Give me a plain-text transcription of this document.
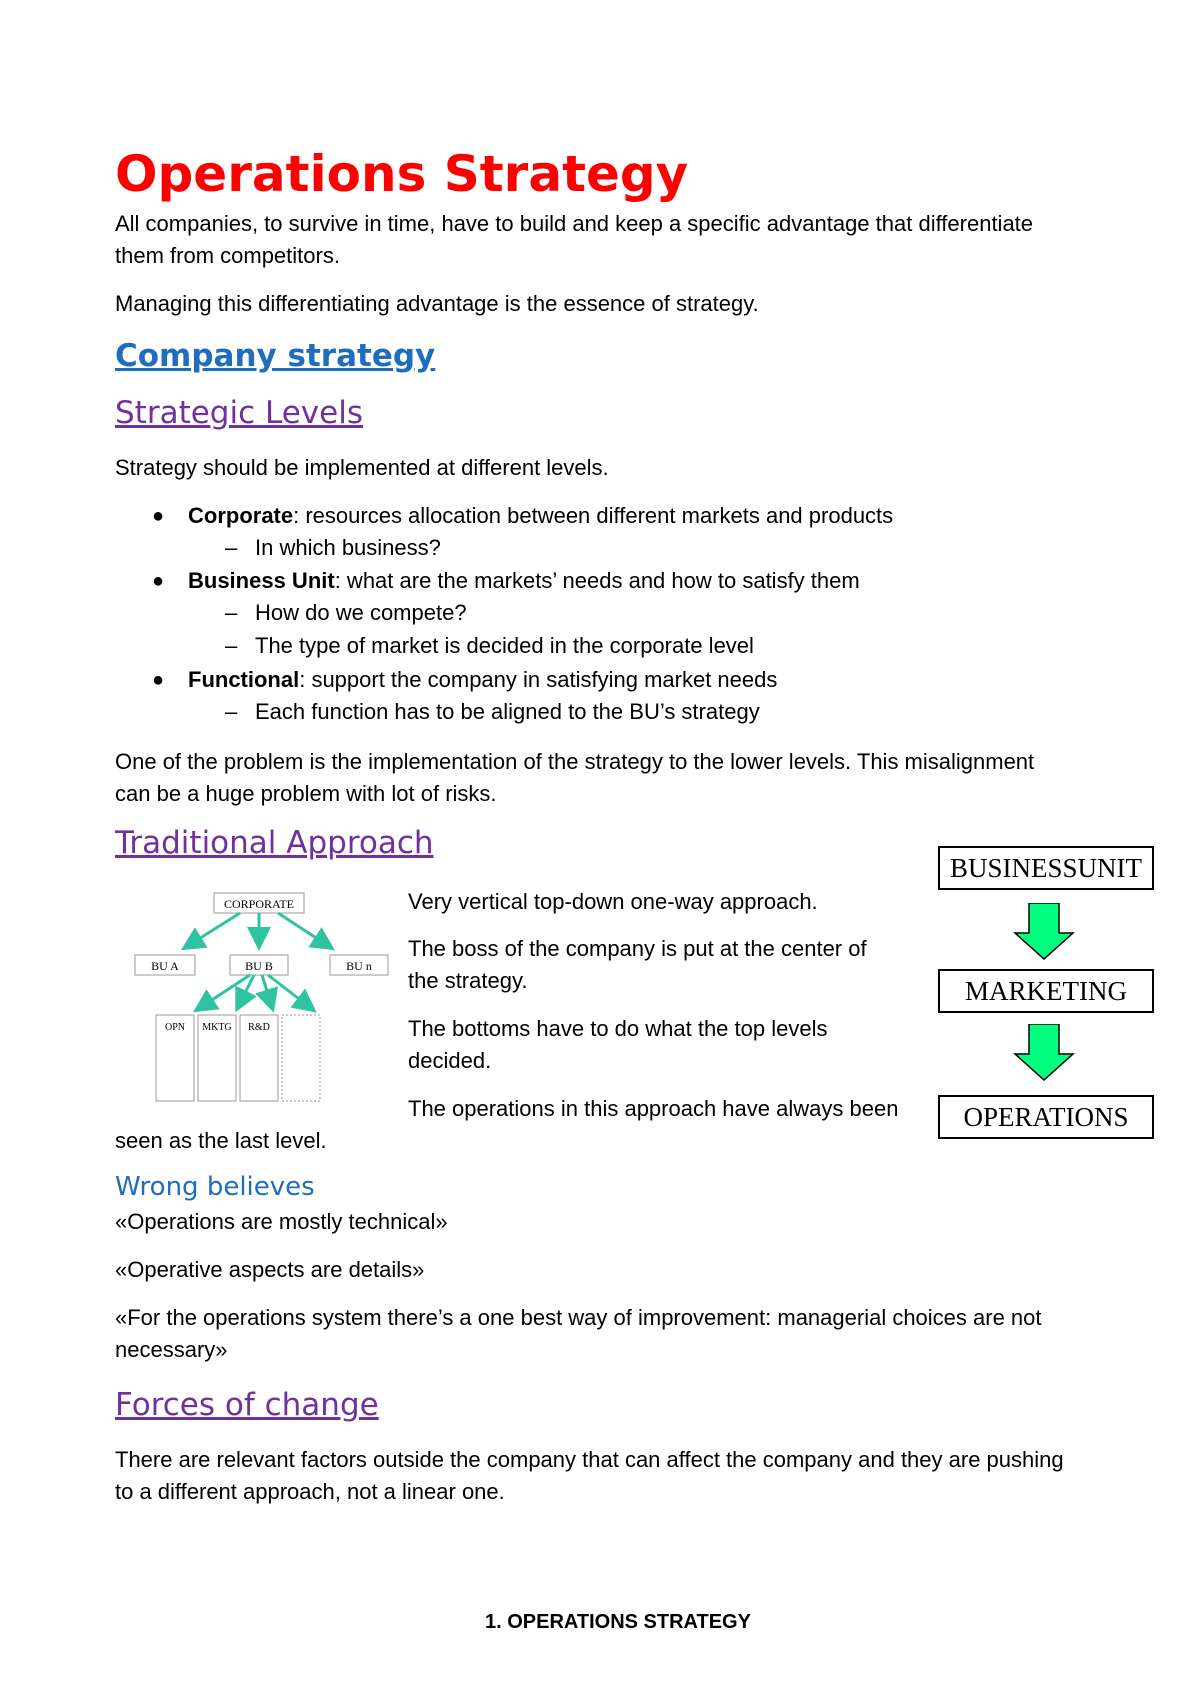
Operations Strategy
All companies, to survive in time, have to build and keep a specific advantage that differentiate them from competitors.
Managing this differentiating advantage is the essence of strategy.
Company strategy
Strategic Levels
Strategy should be implemented at different levels.
● Corporate: resources allocation between different markets and products
– In which business?
● Business Unit: what are the markets’ needs and how to satisfy them
– How do we compete?
– The type of market is decided in the corporate level
● Functional: support the company in satisfying market needs
– Each function has to be aligned to the BU’s strategy
One of the problem is the implementation of the strategy to the lower levels. This misalignment can be a huge problem with lot of risks.
Traditional Approach
CORPORATE
BU A	BU B	BU n
OPN MKTG R&D
Very vertical top-down one-way approach.
The boss of the company is put at the center of the strategy.
The bottoms have to do what the top levels decided.
The operations in this approach have always been
seen as the last level.
BUSINESSUNIT
MARKETING
OPERATIONS
Wrong believes
«Operations are mostly technical»
«Operative aspects are details»
«For the operations system there’s a one best way of improvement: managerial choices are not necessary»
Forces of change
There are relevant factors outside the company that can affect the company and they are pushing to a different approach, not a linear one.
1. OPERATIONS STRATEGY
